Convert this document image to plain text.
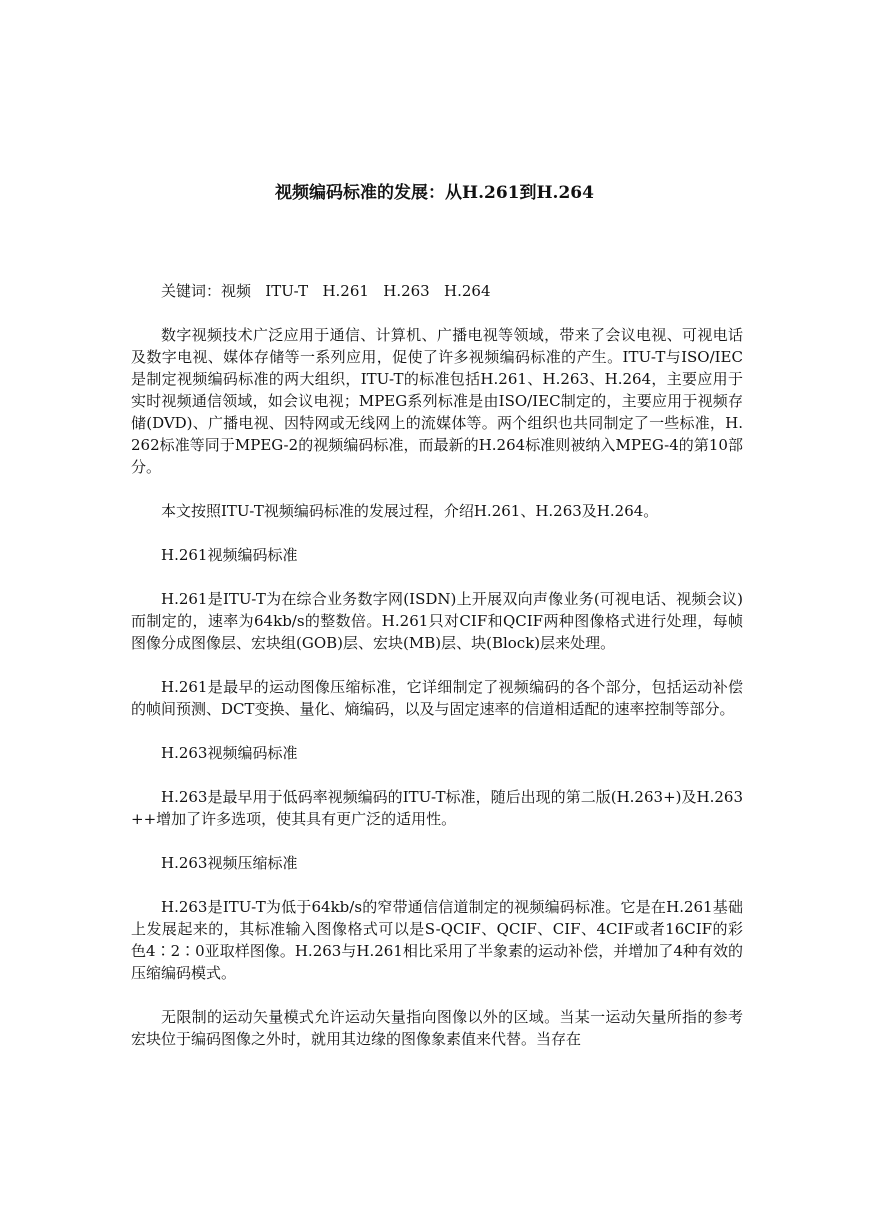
视频编码标准的发展：从H.261到H.264

关键词：视频   ITU-T   H.261   H.263   H.264

数字视频技术广泛应用于通信、计算机、广播电视等领域，带来了会议电视、可视电话及数字电视、媒体存储等一系列应用，促使了许多视频编码标准的产生。ITU-T与ISO/IEC是制定视频编码标准的两大组织，ITU-T的标准包括H.261、H.263、H.264，主要应用于实时视频通信领域，如会议电视；MPEG系列标准是由ISO/IEC制定的，主要应用于视频存储(DVD)、广播电视、因特网或无线网上的流媒体等。两个组织也共同制定了一些标准，H.262标准等同于MPEG-2的视频编码标准，而最新的H.264标准则被纳入MPEG-4的第10部分。

本文按照ITU-T视频编码标准的发展过程，介绍H.261、H.263及H.264。

H.261视频编码标准

H.261是ITU-T为在综合业务数字网(ISDN)上开展双向声像业务(可视电话、视频会议)而制定的，速率为64kb/s的整数倍。H.261只对CIF和QCIF两种图像格式进行处理，每帧图像分成图像层、宏块组(GOB)层、宏块(MB)层、块(Block)层来处理。

H.261是最早的运动图像压缩标准，它详细制定了视频编码的各个部分，包括运动补偿的帧间预测、DCT变换、量化、熵编码，以及与固定速率的信道相适配的速率控制等部分。

H.263视频编码标准

H.263是最早用于低码率视频编码的ITU-T标准，随后出现的第二版(H.263+)及H.263++增加了许多选项，使其具有更广泛的适用性。

H.263视频压缩标准

H.263是ITU-T为低于64kb/s的窄带通信信道制定的视频编码标准。它是在H.261基础上发展起来的，其标准输入图像格式可以是S-QCIF、QCIF、CIF、4CIF或者16CIF的彩色4∶2∶0亚取样图像。H.263与H.261相比采用了半象素的运动补偿，并增加了4种有效的压缩编码模式。

无限制的运动矢量模式允许运动矢量指向图像以外的区域。当某一运动矢量所指的参考宏块位于编码图像之外时，就用其边缘的图像象素值来代替。当存在
